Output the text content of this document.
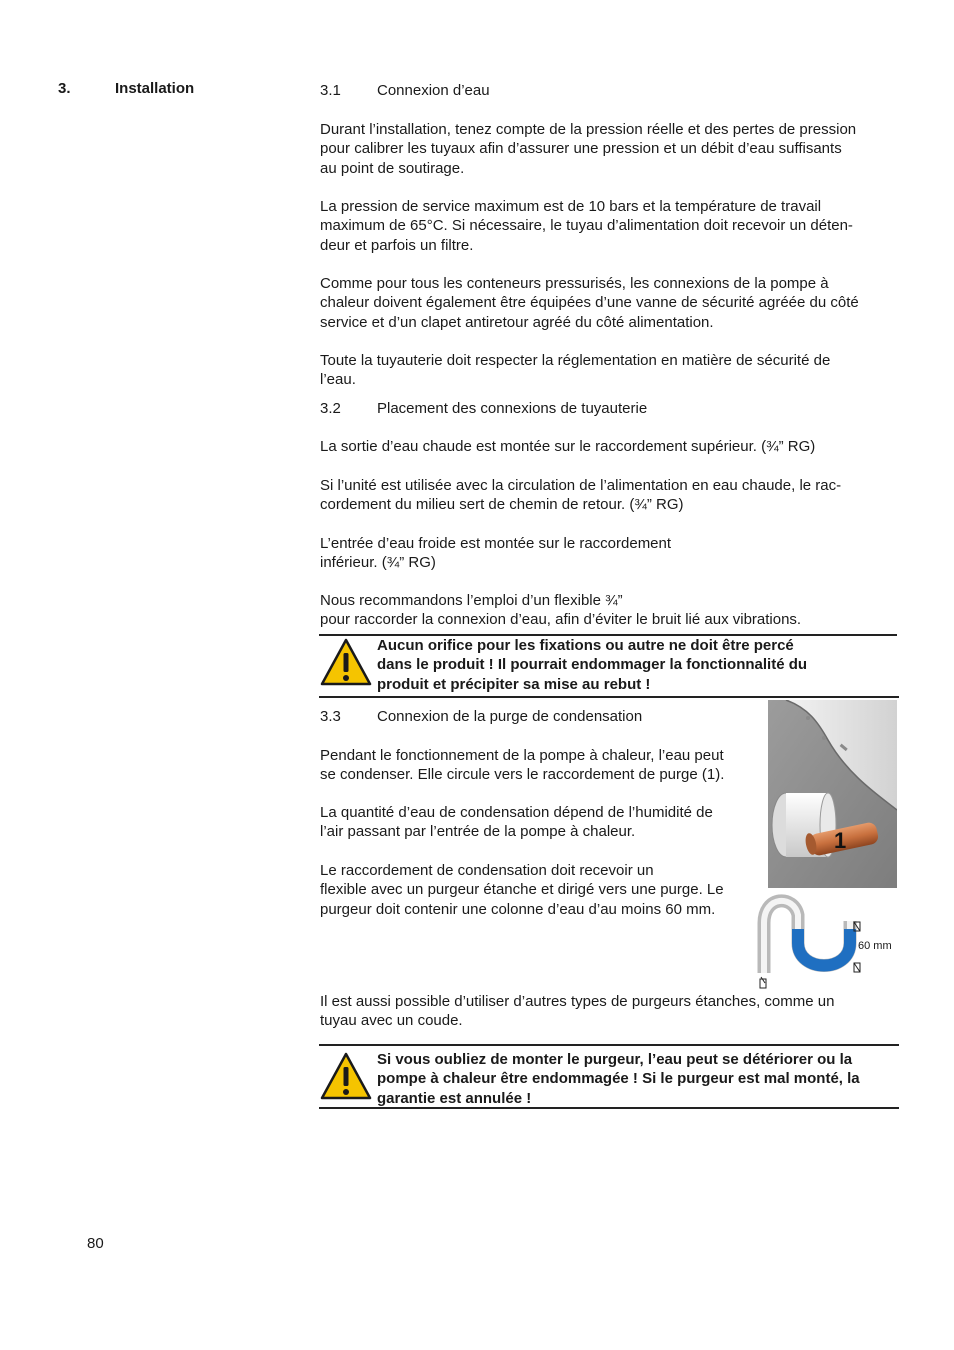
3.	Installation	3.1 Connexion d’eau
Durant l’installation, tenez compte de la pression réelle et des pertes de pression
pour calibrer les tuyaux afin d’assurer une pression et un débit d’eau suffisants
au point de soutirage.
La pression de service maximum est de 10 bars et la température de travail
maximum de 65°C. Si nécessaire, le tuyau d’alimentation doit recevoir un déten-
deur et parfois un filtre.
Comme pour tous les conteneurs pressurisés, les connexions de la pompe à
chaleur doivent également être équipées d’une vanne de sécurité agréée du côté
service et d’un clapet antiretour agréé du côté alimentation.
Toute la tuyauterie doit respecter la réglementation en matière de sécurité de
l’eau.
3.2 Placement des connexions de tuyauterie
La sortie d’eau chaude est montée sur le raccordement supérieur. (¾” RG)
Si l’unité est utilisée avec la circulation de l’alimentation en eau chaude, le rac-
cordement du milieu sert de chemin de retour. (¾” RG)
L’entrée d’eau froide est montée sur le raccordement
inférieur. (¾” RG)
Nous recommandons l’emploi d’un flexible ¾”
pour raccorder la connexion d’eau, afin d’éviter le bruit lié aux vibrations.
Aucun orifice pour les fixations ou autre ne doit être percé
dans le produit ! Il pourrait endommager la fonctionnalité du
produit et précipiter sa mise au rebut !
3.3 Connexion de la purge de condensation
Pendant le fonctionnement de la pompe à chaleur, l’eau peut
se condenser. Elle circule vers le raccordement de purge (1).
La quantité d’eau de condensation dépend de l’humidité de
l’air passant par l’entrée de la pompe à chaleur.
Le raccordement de condensation doit recevoir un
flexible avec un purgeur étanche et dirigé vers une purge. Le
purgeur doit contenir une colonne d’eau d’au moins 60 mm.
1
60 mm
Il est aussi possible d’utiliser d’autres types de purgeurs étanches, comme un
tuyau avec un coude.
Si vous oubliez de monter le purgeur, l’eau peut se détériorer ou la
pompe à chaleur être endommagée ! Si le purgeur est mal monté, la
garantie est annulée !
80
